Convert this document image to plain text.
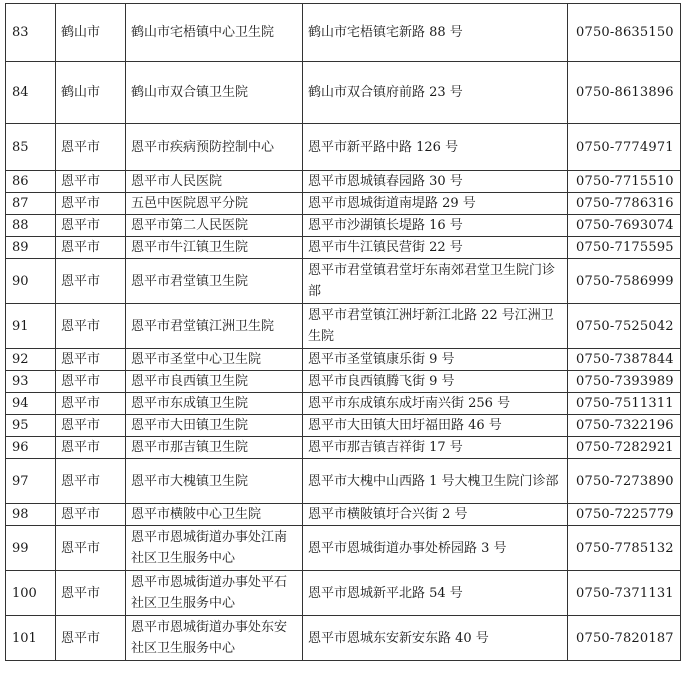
83	鹤山市	鹤山市宅梧镇中心卫生院	鹤山市宅梧镇宅新路 88 号	0750-8635150
84	鹤山市	鹤山市双合镇卫生院	鹤山市双合镇府前路 23 号	0750-8613896
85	恩平市	恩平市疾病预防控制中心	恩平市新平路中路 126 号	0750-7774971
86	恩平市	恩平市人民医院	恩平市恩城镇春园路 30 号	0750-7715510
87	恩平市	五邑中医院恩平分院	恩平市恩城街道南堤路 29 号	0750-7786316
88	恩平市	恩平市第二人民医院	恩平市沙湖镇长堤路 16 号	0750-7693074
89	恩平市	恩平市牛江镇卫生院	恩平市牛江镇民营街 22 号	0750-7175595
90	恩平市	恩平市君堂镇卫生院	恩平市君堂镇君堂圩东南郊君堂卫生院门诊部	0750-7586999
91	恩平市	恩平市君堂镇江洲卫生院	恩平市君堂镇江洲圩新江北路 22 号江洲卫生院	0750-7525042
92	恩平市	恩平市圣堂中心卫生院	恩平市圣堂镇康乐街 9 号	0750-7387844
93	恩平市	恩平市良西镇卫生院	恩平市良西镇腾飞街 9 号	0750-7393989
94	恩平市	恩平市东成镇卫生院	恩平市东成镇东成圩南兴街 256 号	0750-7511311
95	恩平市	恩平市大田镇卫生院	恩平市大田镇大田圩福田路 46 号	0750-7322196
96	恩平市	恩平市那吉镇卫生院	恩平市那吉镇吉祥街 17 号	0750-7282921
97	恩平市	恩平市大槐镇卫生院	恩平市大槐中山西路 1 号大槐卫生院门诊部	0750-7273890
98	恩平市	恩平市横陂中心卫生院	恩平市横陂镇圩合兴街 2 号	0750-7225779
99	恩平市	恩平市恩城街道办事处江南社区卫生服务中心	恩平市恩城街道办事处桥园路 3 号	0750-7785132
100	恩平市	恩平市恩城街道办事处平石社区卫生服务中心	恩平市恩城新平北路 54 号	0750-7371131
101	恩平市	恩平市恩城街道办事处东安社区卫生服务中心	恩平市恩城东安新安东路 40 号	0750-7820187
